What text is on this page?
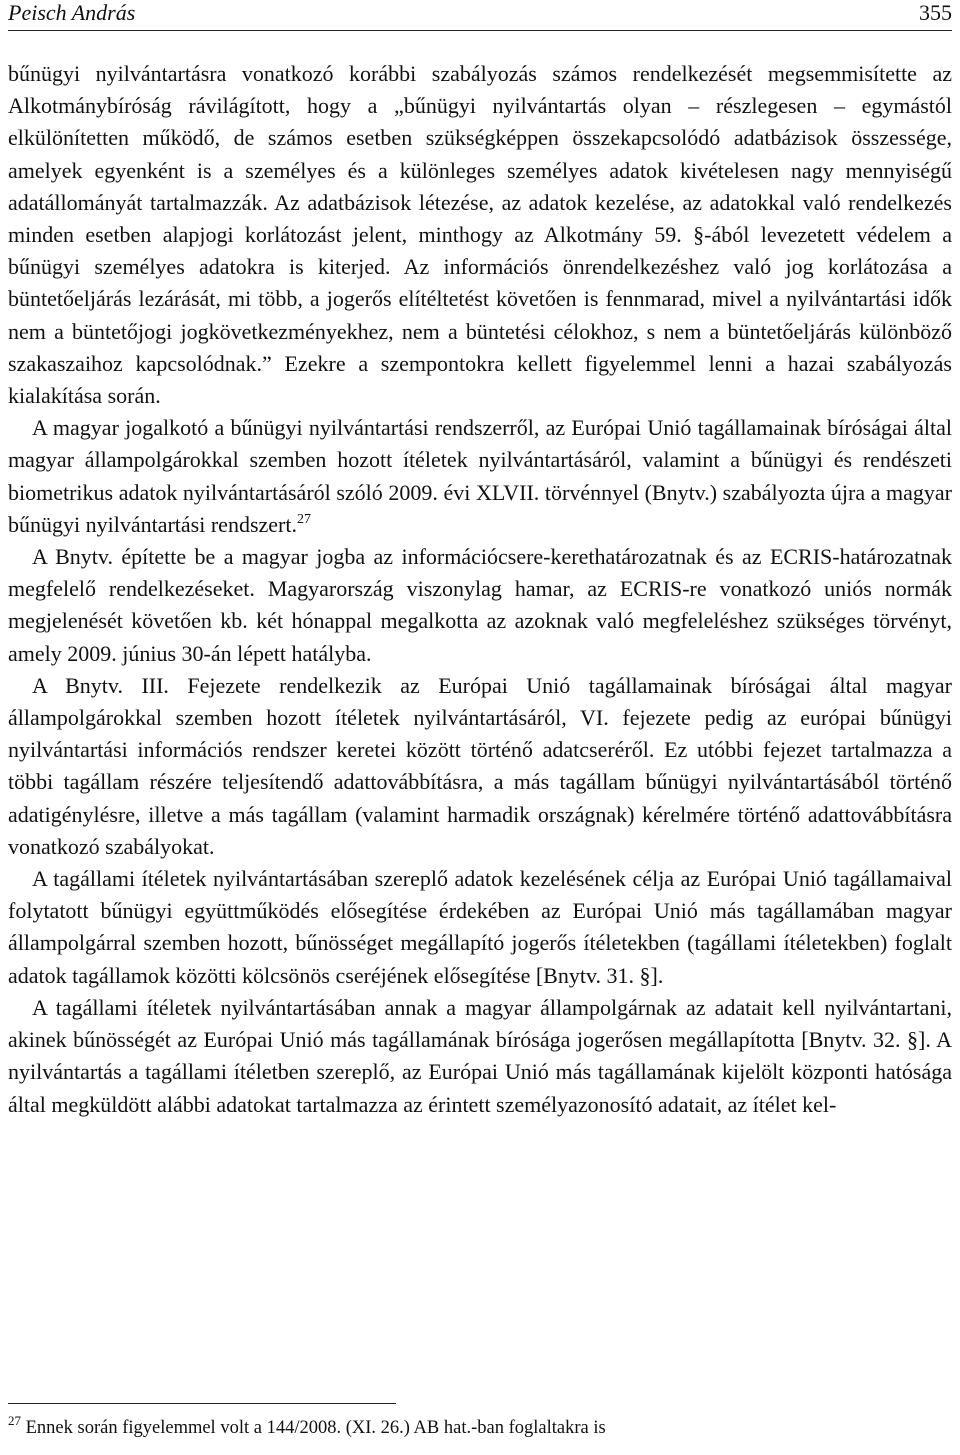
Peisch András	355

bűnügyi nyilvántartásra vonatkozó korábbi szabályozás számos rendelkezését megsemmisítette az Alkotmánybíróság rávilágított, hogy a „bűnügyi nyilvántartás olyan – részlegesen – egymástól elkülönítetten működő, de számos esetben szükségképpen összekapcsolódó adatbázisok összessége, amelyek egyenként is a személyes és a különleges személyes adatok kivételesen nagy mennyiségű adatállományát tartalmazzák. Az adatbázisok létezése, az adatok kezelése, az adatokkal való rendelkezés minden esetben alapjogi korlátozást jelent, minthogy az Alkotmány 59. §-ából levezetett védelem a bűnügyi személyes adatokra is kiterjed. Az információs önrendelkezéshez való jog korlátozása a büntetőeljárás lezárását, mi több, a jogerős elítéltetést követően is fennmarad, mivel a nyilvántartási idők nem a büntetőjogi jogkövetkezményekhez, nem a büntetési célokhoz, s nem a büntetőeljárás különböző szakaszaihoz kapcsolódnak.” Ezekre a szempontokra kellett figyelemmel lenni a hazai szabályozás kialakítása során.

A magyar jogalkotó a bűnügyi nyilvántartási rendszerről, az Európai Unió tagállamainak bíróságai által magyar állampolgárokkal szemben hozott ítéletek nyilvántartásáról, valamint a bűnügyi és rendészeti biometrikus adatok nyilvántartásáról szóló 2009. évi XLVII. törvénnyel (Bnytv.) szabályozta újra a magyar bűnügyi nyilvántartási rendszert.$^{27}$

A Bnytv. építette be a magyar jogba az információcsere-kerethatározatnak és az ECRIS-határozatnak megfelelő rendelkezéseket. Magyarország viszonylag hamar, az ECRIS-re vonatkozó uniós normák megjelenését követően kb. két hónappal megalkotta az azoknak való megfeleléshez szükséges törvényt, amely 2009. június 30-án lépett hatályba.

A Bnytv. III. Fejezete rendelkezik az Európai Unió tagállamainak bíróságai által magyar állampolgárokkal szemben hozott ítéletek nyilvántartásáról, VI. fejezete pedig az európai bűnügyi nyilvántartási információs rendszer keretei között történő adatcseréről. Ez utóbbi fejezet tartalmazza a többi tagállam részére teljesítendő adattovábbításra, a más tagállam bűnügyi nyilvántartásából történő adatigénylésre, illetve a más tagállam (valamint harmadik országnak) kérelmére történő adattovábbításra vonatkozó szabályokat.

A tagállami ítéletek nyilvántartásában szereplő adatok kezelésének célja az Európai Unió tagállamaival folytatott bűnügyi együttműködés elősegítése érdekében az Európai Unió más tagállamában magyar állampolgárral szemben hozott, bűnösséget megállapító jogerős ítéletekben (tagállami ítéletekben) foglalt adatok tagállamok közötti kölcsönös cseréjének elősegítése [Bnytv. 31. §].

A tagállami ítéletek nyilvántartásában annak a magyar állampolgárnak az adatait kell nyilvántartani, akinek bűnösségét az Európai Unió más tagállamának bírósága jogerősen megállapította [Bnytv. 32. §]. A nyilvántartás a tagállami ítéletben szereplő, az Európai Unió más tagállamának kijelölt központi hatósága által megküldött alábbi adatokat tartalmazza az érintett személyazonosító adatait, az ítélet kel-

$^{27}$ Ennek során figyelemmel volt a 144/2008. (XI. 26.) AB hat.-ban foglaltakra is
